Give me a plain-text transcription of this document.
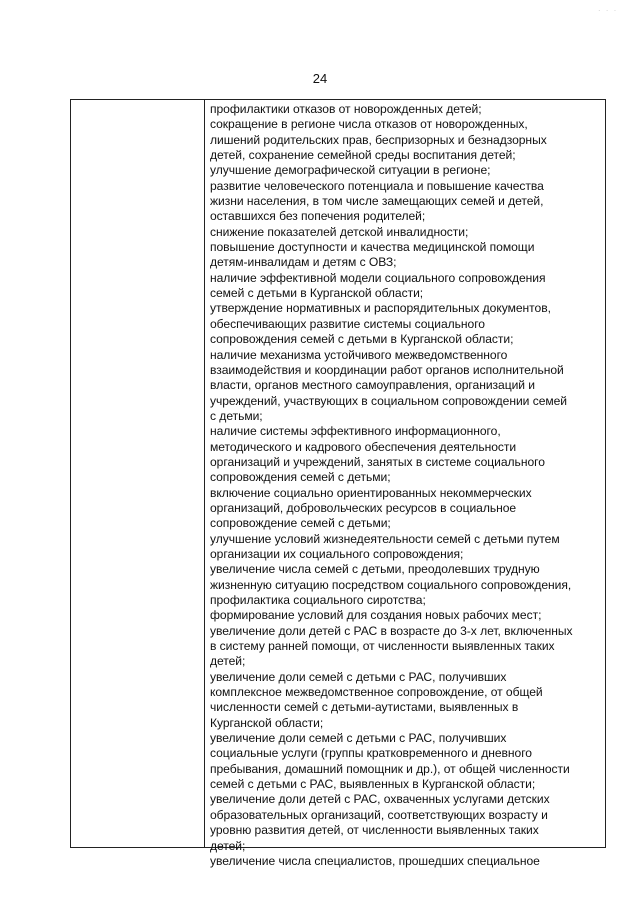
. . .
24
профилактики отказов от новорожденных детей;
сокращение в регионе числа отказов от новорожденных,
лишений родительских прав, беспризорных и безнадзорных
детей, сохранение семейной среды воспитания детей;
улучшение демографической ситуации в регионе;
развитие человеческого потенциала и повышение качества
жизни населения, в том числе замещающих семей и детей,
оставшихся без попечения родителей;
снижение показателей детской инвалидности;
повышение доступности и качества медицинской помощи
детям-инвалидам и детям с ОВЗ;
наличие эффективной модели социального сопровождения
семей с детьми в Курганской области;
утверждение нормативных и распорядительных документов,
обеспечивающих развитие системы социального
сопровождения семей с детьми в Курганской области;
наличие механизма устойчивого межведомственного
взаимодействия и координации работ органов исполнительной
власти, органов местного самоуправления, организаций и
учреждений, участвующих в социальном сопровождении семей
с детьми;
наличие системы эффективного информационного,
методического и кадрового обеспечения деятельности
организаций и учреждений, занятых в системе социального
сопровождения семей с детьми;
включение социально ориентированных некоммерческих
организаций, добровольческих ресурсов в социальное
сопровождение семей с детьми;
улучшение условий жизнедеятельности семей с детьми путем
организации их социального сопровождения;
увеличение числа семей с детьми, преодолевших трудную
жизненную ситуацию посредством социального сопровождения,
профилактика социального сиротства;
формирование условий для создания новых рабочих мест;
увеличение доли детей с РАС в возрасте до 3-х лет, включенных
в систему ранней помощи, от численности выявленных таких
детей;
увеличение доли семей с детьми с РАС, получивших
комплексное межведомственное сопровождение, от общей
численности семей с детьми-аутистами, выявленных в
Курганской области;
увеличение доли семей с детьми с РАС, получивших
социальные услуги (группы кратковременного и дневного
пребывания, домашний помощник и др.), от общей численности
семей с детьми с РАС, выявленных в Курганской области;
увеличение доли детей с РАС, охваченных услугами детских
образовательных организаций, соответствующих возрасту и
уровню развития детей, от численности выявленных таких
детей;
увеличение числа специалистов, прошедших специальное
